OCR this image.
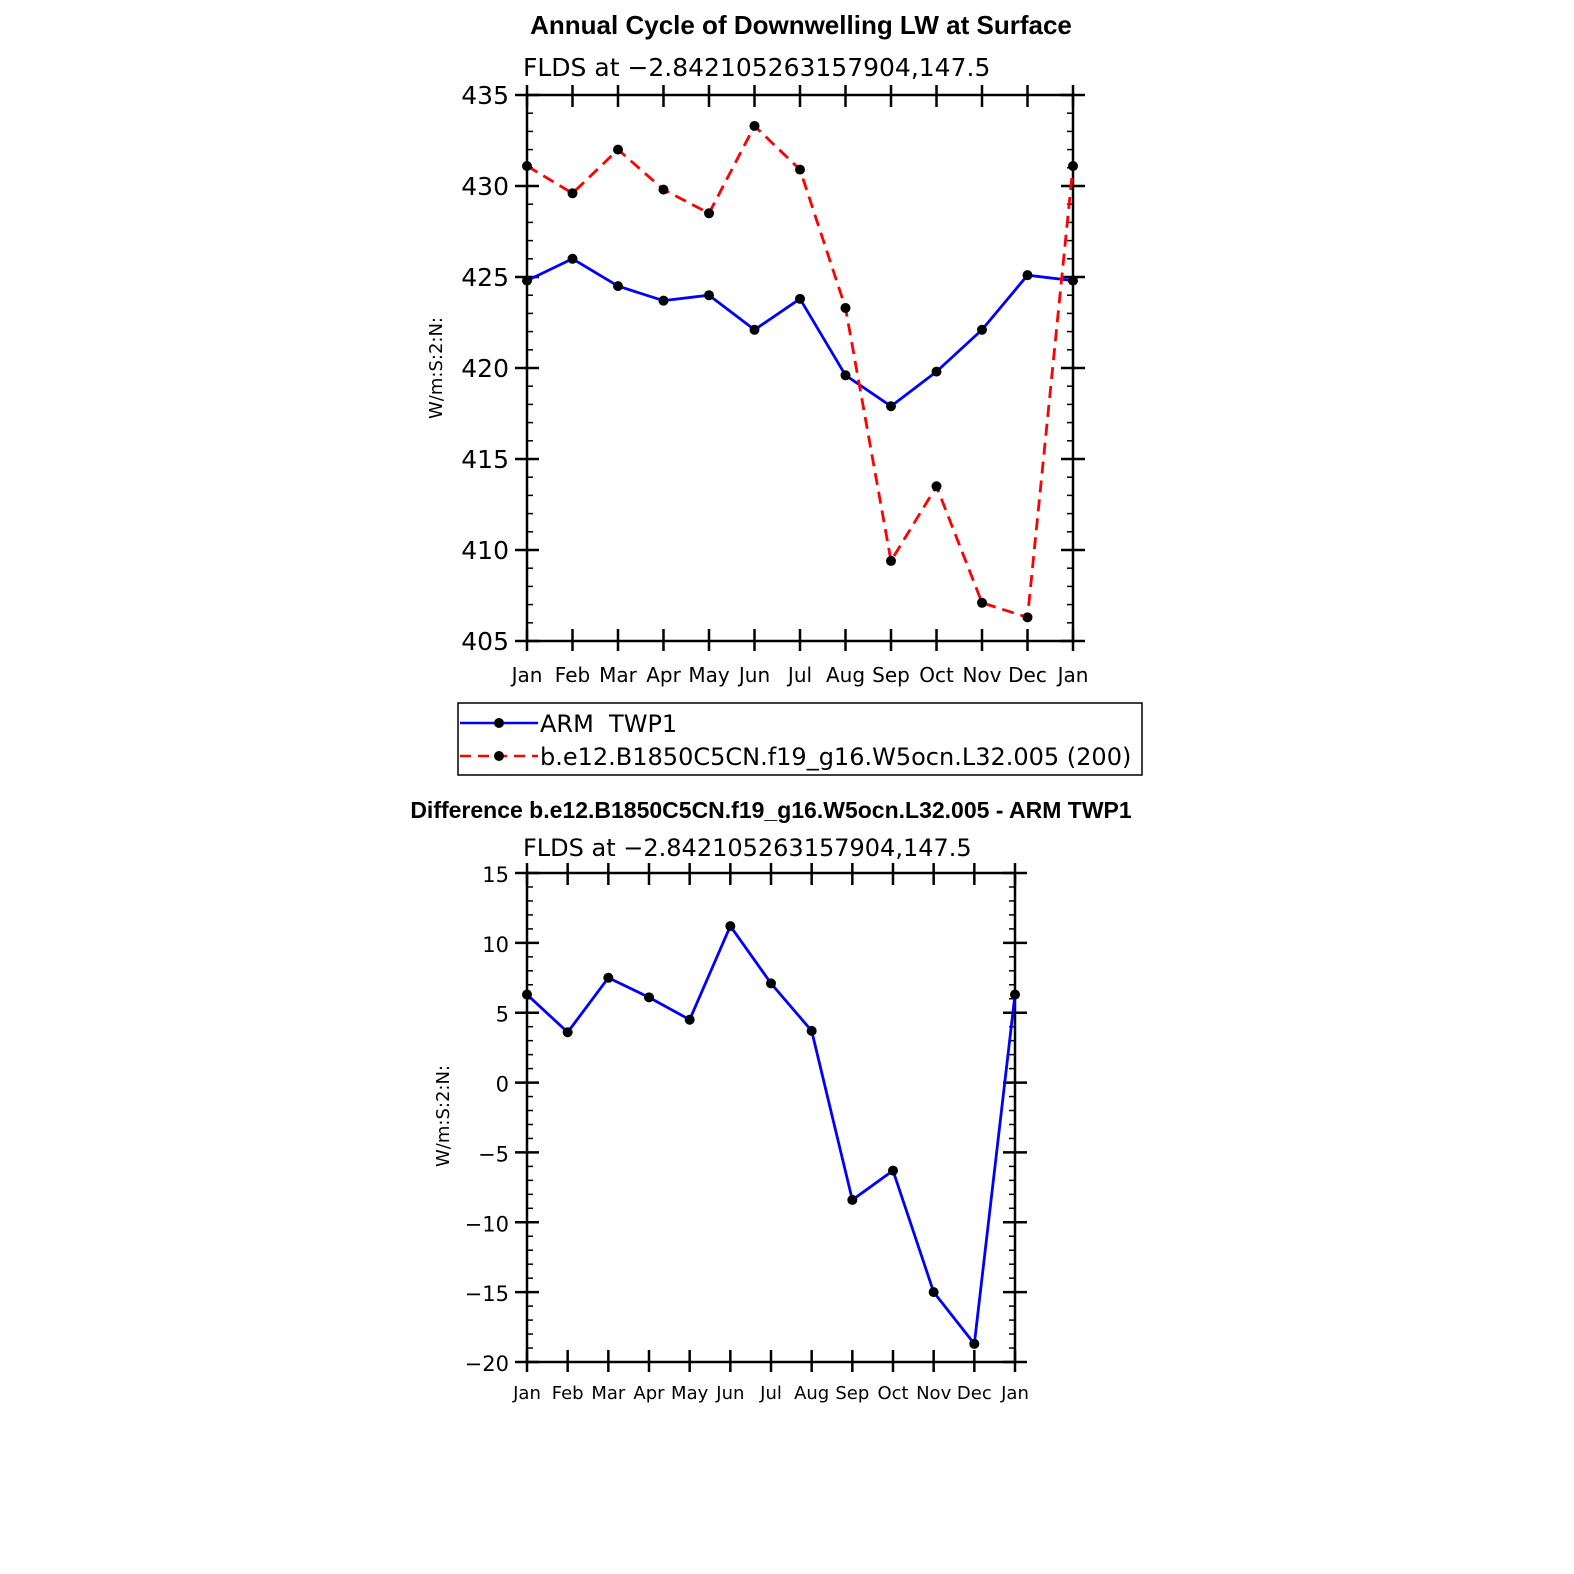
Annual Cycle of Downwelling LW at Surface
FLDS at −2.842105263157904,147.5
W/m:S:2:N:
405
410
415
420
425
430
435
Jan Feb Mar Apr May Jun Jul Aug Sep Oct Nov Dec Jan
ARM  TWP1
b.e12.B1850C5CN.f19_g16.W5ocn.L32.005 (200)
Difference b.e12.B1850C5CN.f19_g16.W5ocn.L32.005 - ARM TWP1
FLDS at −2.842105263157904,147.5
W/m:S:2:N:
−20
−15
−10
−5
0
5
10
15
Jan Feb Mar Apr May Jun Jul Aug Sep Oct Nov Dec Jan
